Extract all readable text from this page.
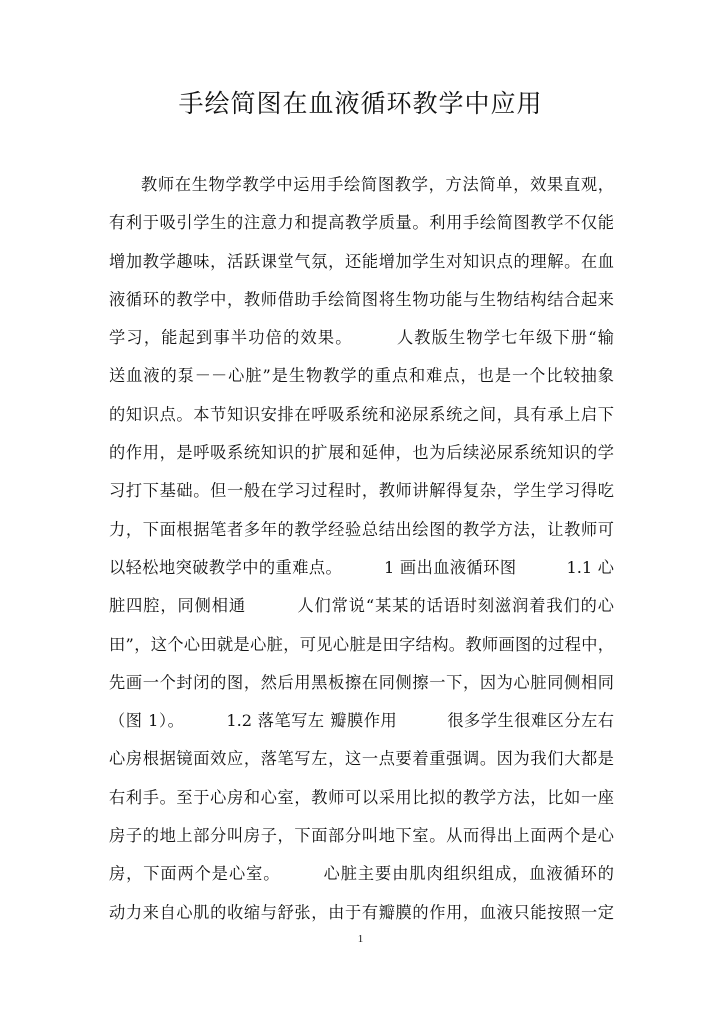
手绘简图在血液循环教学中应用
教师在生物学教学中运用手绘简图教学，方法简单，效果直观，
有利于吸引学生的注意力和提高教学质量。利用手绘简图教学不仅能
增加教学趣味，活跃课堂气氛，还能增加学生对知识点的理解。在血
液循环的教学中，教师借助手绘简图将生物功能与生物结构结合起来
学习，能起到事半功倍的效果。　　　人教版生物学七年级下册“输
送血液的泵－－心脏”是生物教学的重点和难点，也是一个比较抽象
的知识点。本节知识安排在呼吸系统和泌尿系统之间，具有承上启下
的作用，是呼吸系统知识的扩展和延伸，也为后续泌尿系统知识的学
习打下基础。但一般在学习过程时，教师讲解得复杂，学生学习得吃
力，下面根据笔者多年的教学经验总结出绘图的教学方法，让教师可
以轻松地突破教学中的重难点。　　　1 画出血液循环图　　　1.1 心
脏四腔，同侧相通　　　人们常说“某某的话语时刻滋润着我们的心
田”，这个心田就是心脏，可见心脏是田字结构。教师画图的过程中，
先画一个封闭的图，然后用黑板擦在同侧擦一下，因为心脏同侧相同
（图 1）。　　　1.2 落笔写左 瓣膜作用　　　很多学生很难区分左右
心房根据镜面效应，落笔写左，这一点要着重强调。因为我们大都是
右利手。至于心房和心室，教师可以采用比拟的教学方法，比如一座
房子的地上部分叫房子，下面部分叫地下室。从而得出上面两个是心
房，下面两个是心室。　　　心脏主要由肌肉组织组成，血液循环的
动力来自心肌的收缩与舒张，由于有瓣膜的作用，血液只能按照一定
1
